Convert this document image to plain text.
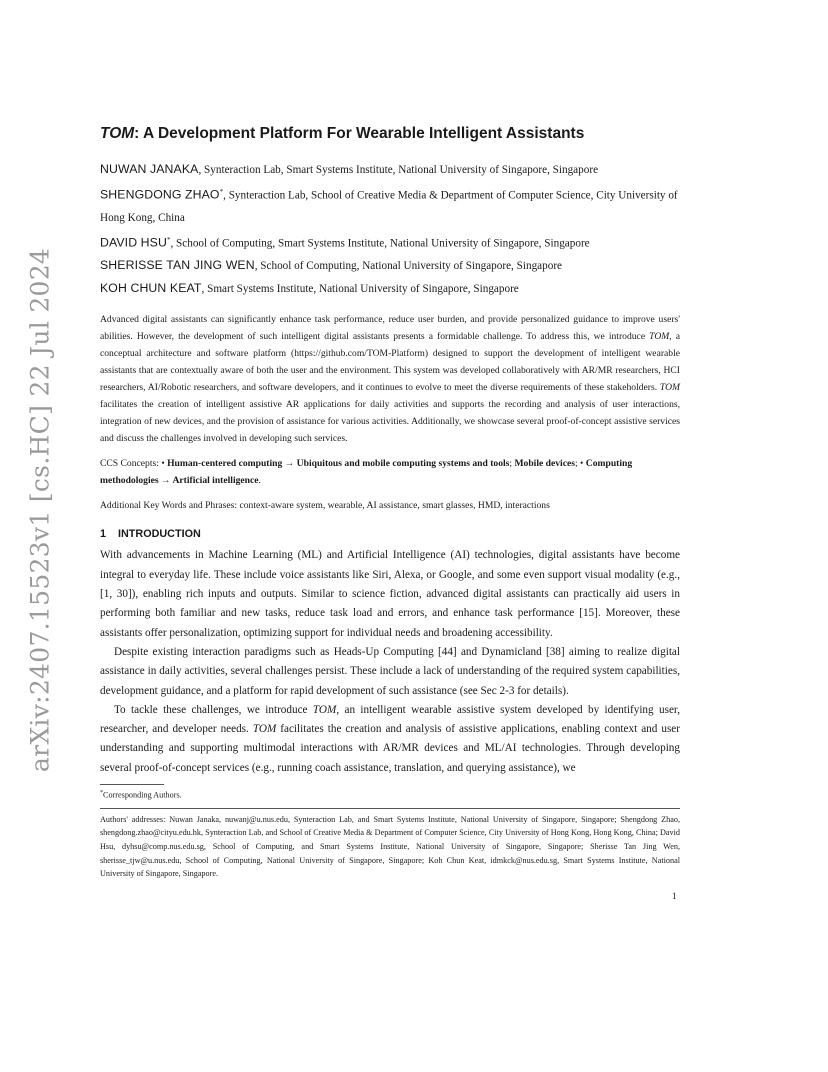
arXiv:2407.15523v1 [cs.HC] 22 Jul 2024
TOM: A Development Platform For Wearable Intelligent Assistants
NUWAN JANAKA, Synteraction Lab, Smart Systems Institute, National University of Singapore, Singapore
SHENGDONG ZHAO*, Synteraction Lab, School of Creative Media & Department of Computer Science, City University of Hong Kong, China
DAVID HSU*, School of Computing, Smart Systems Institute, National University of Singapore, Singapore
SHERISSE TAN JING WEN, School of Computing, National University of Singapore, Singapore
KOH CHUN KEAT, Smart Systems Institute, National University of Singapore, Singapore
Advanced digital assistants can significantly enhance task performance, reduce user burden, and provide personalized guidance to improve users' abilities. However, the development of such intelligent digital assistants presents a formidable challenge. To address this, we introduce TOM, a conceptual architecture and software platform (https://github.com/TOM-Platform) designed to support the development of intelligent wearable assistants that are contextually aware of both the user and the environment. This system was developed collaboratively with AR/MR researchers, HCI researchers, AI/Robotic researchers, and software developers, and it continues to evolve to meet the diverse requirements of these stakeholders. TOM facilitates the creation of intelligent assistive AR applications for daily activities and supports the recording and analysis of user interactions, integration of new devices, and the provision of assistance for various activities. Additionally, we showcase several proof-of-concept assistive services and discuss the challenges involved in developing such services.
CCS Concepts: • Human-centered computing → Ubiquitous and mobile computing systems and tools; Mobile devices; • Computing methodologies → Artificial intelligence.
Additional Key Words and Phrases: context-aware system, wearable, AI assistance, smart glasses, HMD, interactions
1 INTRODUCTION

With advancements in Machine Learning (ML) and Artificial Intelligence (AI) technologies, digital assistants have become integral to everyday life. These include voice assistants like Siri, Alexa, or Google, and some even support visual modality (e.g., [1, 30]), enabling rich inputs and outputs. Similar to science fiction, advanced digital assistants can practically aid users in performing both familiar and new tasks, reduce task load and errors, and enhance task performance [15]. Moreover, these assistants offer personalization, optimizing support for individual needs and broadening accessibility.

Despite existing interaction paradigms such as Heads-Up Computing [44] and Dynamicland [38] aiming to realize digital assistance in daily activities, several challenges persist. These include a lack of understanding of the required system capabilities, development guidance, and a platform for rapid development of such assistance (see Sec 2-3 for details).

To tackle these challenges, we introduce TOM, an intelligent wearable assistive system developed by identifying user, researcher, and developer needs. TOM facilitates the creation and analysis of assistive applications, enabling context and user understanding and supporting multimodal interactions with AR/MR devices and ML/AI technologies. Through developing several proof-of-concept services (e.g., running coach assistance, translation, and querying assistance), we

*Corresponding Authors.
Authors' addresses: Nuwan Janaka, nuwanj@u.nus.edu, Synteraction Lab, and Smart Systems Institute, National University of Singapore, Singapore; Shengdong Zhao, shengdong.zhao@cityu.edu.hk, Synteraction Lab, and School of Creative Media & Department of Computer Science, City University of Hong Kong, Hong Kong, China; David Hsu, dyhsu@comp.nus.edu.sg, School of Computing, and Smart Systems Institute, National University of Singapore, Singapore; Sherisse Tan Jing Wen, sherisse_tjw@u.nus.edu, School of Computing, National University of Singapore, Singapore; Koh Chun Keat, idmkck@nus.edu.sg, Smart Systems Institute, National University of Singapore, Singapore.
1
